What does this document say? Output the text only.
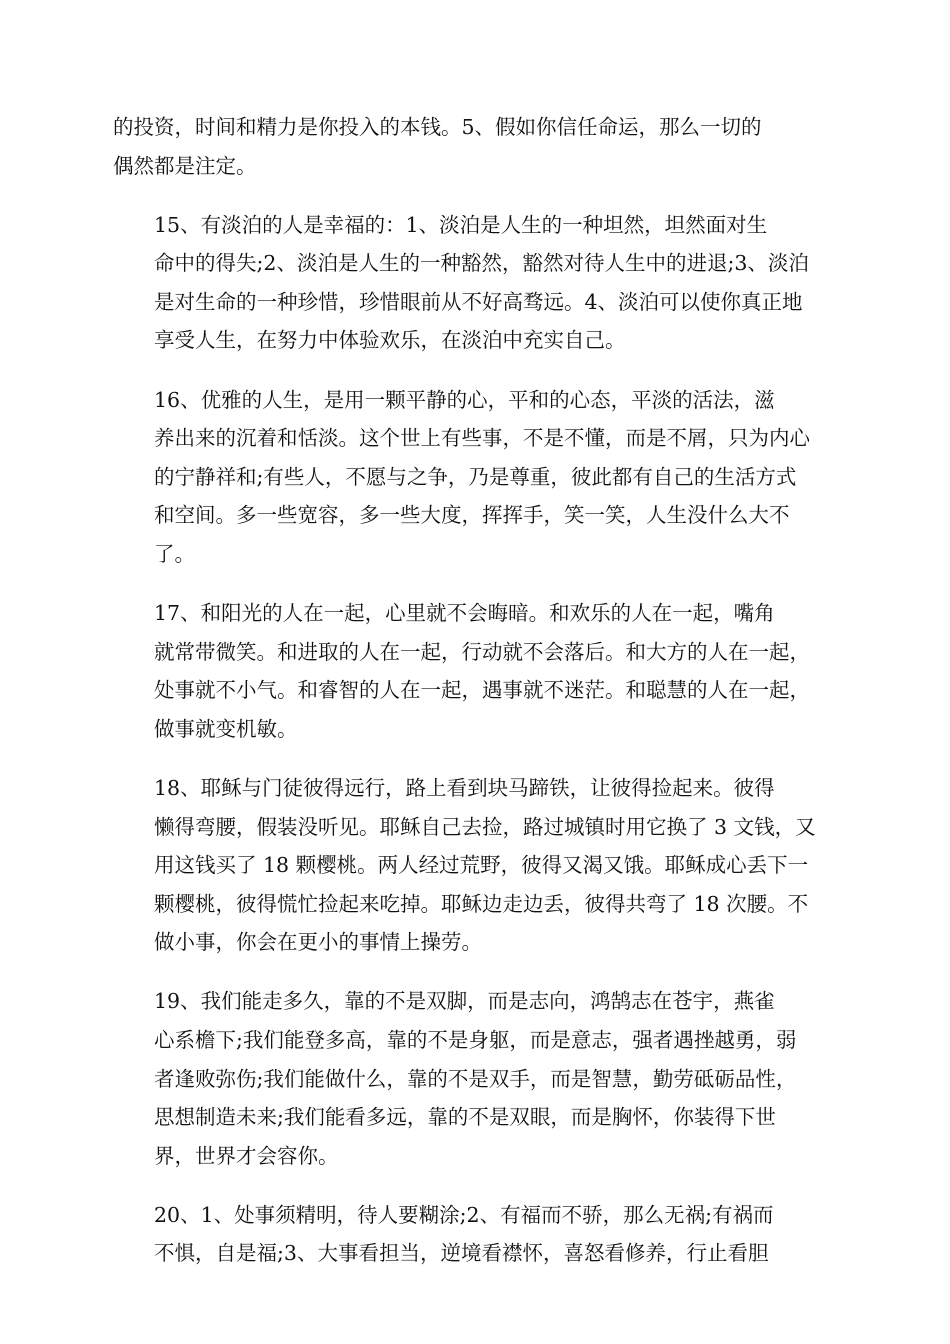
的投资，时间和精力是你投入的本钱。5、假如你信任命运，那么一切的
偶然都是注定。

15、有淡泊的人是幸福的：1、淡泊是人生的一种坦然，坦然面对生
命中的得失;2、淡泊是人生的一种豁然，豁然对待人生中的进退;3、淡泊
是对生命的一种珍惜，珍惜眼前从不好高骛远。4、淡泊可以使你真正地
享受人生，在努力中体验欢乐，在淡泊中充实自己。

16、优雅的人生，是用一颗平静的心，平和的心态，平淡的活法，滋
养出来的沉着和恬淡。这个世上有些事，不是不懂，而是不屑，只为内心
的宁静祥和;有些人，不愿与之争，乃是尊重，彼此都有自己的生活方式
和空间。多一些宽容，多一些大度，挥挥手，笑一笑，人生没什么大不
了。

17、和阳光的人在一起，心里就不会晦暗。和欢乐的人在一起，嘴角
就常带微笑。和进取的人在一起，行动就不会落后。和大方的人在一起，
处事就不小气。和睿智的人在一起，遇事就不迷茫。和聪慧的人在一起，
做事就变机敏。

18、耶稣与门徒彼得远行，路上看到块马蹄铁，让彼得捡起来。彼得
懒得弯腰，假装没听见。耶稣自己去捡，路过城镇时用它换了 3 文钱，又
用这钱买了 18 颗樱桃。两人经过荒野，彼得又渴又饿。耶稣成心丢下一
颗樱桃，彼得慌忙捡起来吃掉。耶稣边走边丢，彼得共弯了 18 次腰。不
做小事，你会在更小的事情上操劳。

19、我们能走多久，靠的不是双脚，而是志向，鸿鹄志在苍宇，燕雀
心系檐下;我们能登多高，靠的不是身躯，而是意志，强者遇挫越勇，弱
者逢败弥伤;我们能做什么，靠的不是双手，而是智慧，勤劳砥砺品性，
思想制造未来;我们能看多远，靠的不是双眼，而是胸怀，你装得下世
界，世界才会容你。

20、1、处事须精明，待人要糊涂;2、有福而不骄，那么无祸;有祸而
不惧，自是福;3、大事看担当，逆境看襟怀，喜怒看修养，行止看胆
